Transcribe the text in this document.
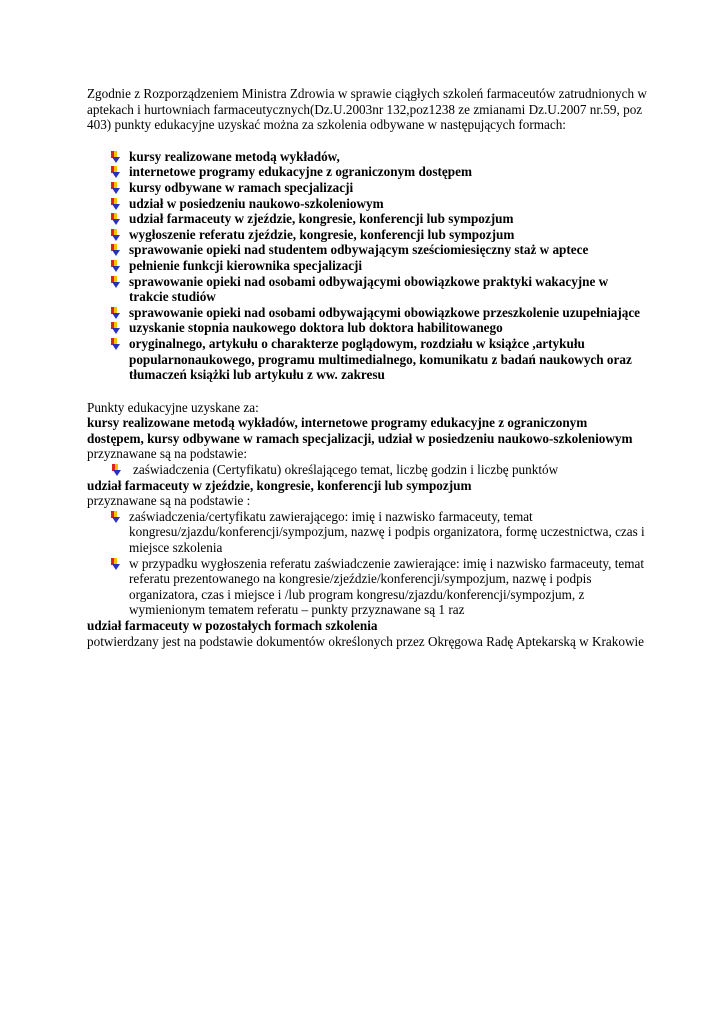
Zgodnie z Rozporządzeniem Ministra Zdrowia w sprawie ciągłych szkoleń farmaceutów zatrudnionych w aptekach i hurtowniach farmaceutycznych(Dz.U.2003nr 132,poz1238 ze zmianami Dz.U.2007 nr.59, poz 403) punkty edukacyjne uzyskać można za szkolenia odbywane w następujących formach:

kursy realizowane metodą wykładów,
internetowe programy edukacyjne z ograniczonym dostępem
kursy odbywane w ramach specjalizacji
udział w posiedzeniu naukowo-szkoleniowym
udział farmaceuty w zjeździe, kongresie, konferencji lub sympozjum
wygłoszenie referatu zjeździe, kongresie, konferencji lub sympozjum
sprawowanie opieki nad studentem odbywającym sześciomiesięczny staż w aptece
pełnienie funkcji kierownika specjalizacji
sprawowanie opieki nad osobami odbywającymi obowiązkowe praktyki wakacyjne w trakcie studiów
sprawowanie opieki nad osobami odbywającymi obowiązkowe przeszkolenie uzupełniające
uzyskanie stopnia naukowego doktora lub doktora habilitowanego
oryginalnego, artykułu o charakterze poglądowym, rozdziału w książce ,artykułu popularnonaukowego, programu multimedialnego, komunikatu z badań naukowych oraz tłumaczeń książki lub artykułu z ww. zakresu

Punkty edukacyjne uzyskane za:

kursy realizowane metodą wykładów, internetowe programy edukacyjne z ograniczonym dostępem, kursy odbywane w ramach specjalizacji, udział w posiedzeniu naukowo-szkoleniowym

przyznawane są na podstawie:

zaświadczenia (Certyfikatu) określającego temat, liczbę godzin i liczbę punktów

udział farmaceuty w zjeździe, kongresie, konferencji lub sympozjum

przyznawane są na podstawie :

zaświadczenia/certyfikatu zawierającego: imię i nazwisko farmaceuty, temat kongresu/zjazdu/konferencji/sympozjum, nazwę i podpis organizatora, formę uczestnictwa, czas i miejsce szkolenia
w przypadku wygłoszenia referatu zaświadczenie zawierające: imię i nazwisko farmaceuty, temat referatu prezentowanego na kongresie/zjeździe/konferencji/sympozjum, nazwę i podpis organizatora, czas i miejsce i /lub program kongresu/zjazdu/konferencji/sympozjum, z wymienionym tematem referatu – punkty przyznawane są 1 raz

udział farmaceuty w pozostałych formach szkolenia

potwierdzany jest na podstawie dokumentów określonych przez Okręgowa Radę Aptekarską w Krakowie
